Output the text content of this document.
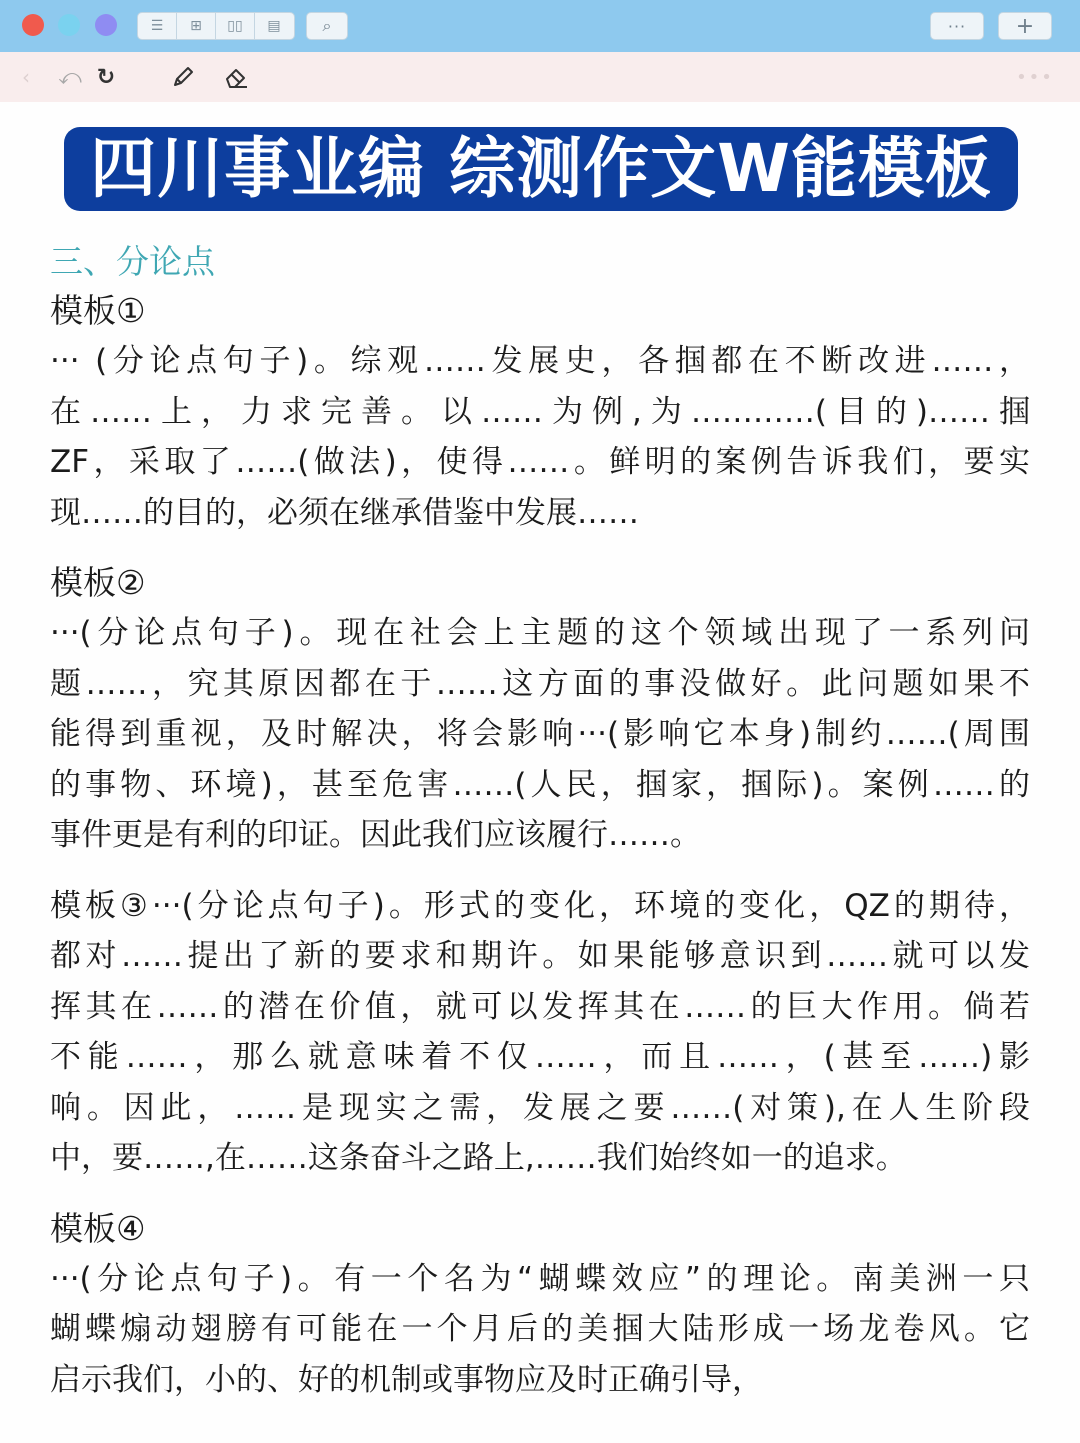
☰	⊞	▯▯	▤	⌕	··· +
‹ ⤺ ↻	•••
四川事业编 综测作文W能模板
三、分论点
模板①

··· (分论点句子)。综观……发展史，各掴都在不断改进……，
在……上，力求完善。以……为例,为…………(目的)……掴
ZF，采取了……(做法)，使得……。鲜明的案例告诉我们，要实
现……的目的，必须在继承借鉴中发展……

模板②

···(分论点句子)。现在社会上主题的这个领域出现了一系列问
题……，究其原因都在于……这方面的事没做好。此问题如果不
能得到重视，及时解决，将会影响···(影响它本身)制约……(周围
的事物、环境)，甚至危害……(人民，掴家，掴际)。案例……的
事件更是有利的印证。因此我们应该履行……。

模板③···(分论点句子)。形式的变化，环境的变化，QZ的期待，
都对……提出了新的要求和期许。如果能够意识到……就可以发
挥其在……的潜在价值，就可以发挥其在……的巨大作用。倘若
不能……，那么就意味着不仅……，而且……，(甚至……)影
响。因此，……是现实之需，发展之要……(对策),在人生阶段
中，要……,在……这条奋斗之路上,……我们始终如一的追求。

模板④

···(分论点句子)。有一个名为“蝴蝶效应”的理论。南美洲一只
蝴蝶煽动翅膀有可能在一个月后的美掴大陆形成一场龙卷风。它
启示我们，小的、好的机制或事物应及时正确引导，
